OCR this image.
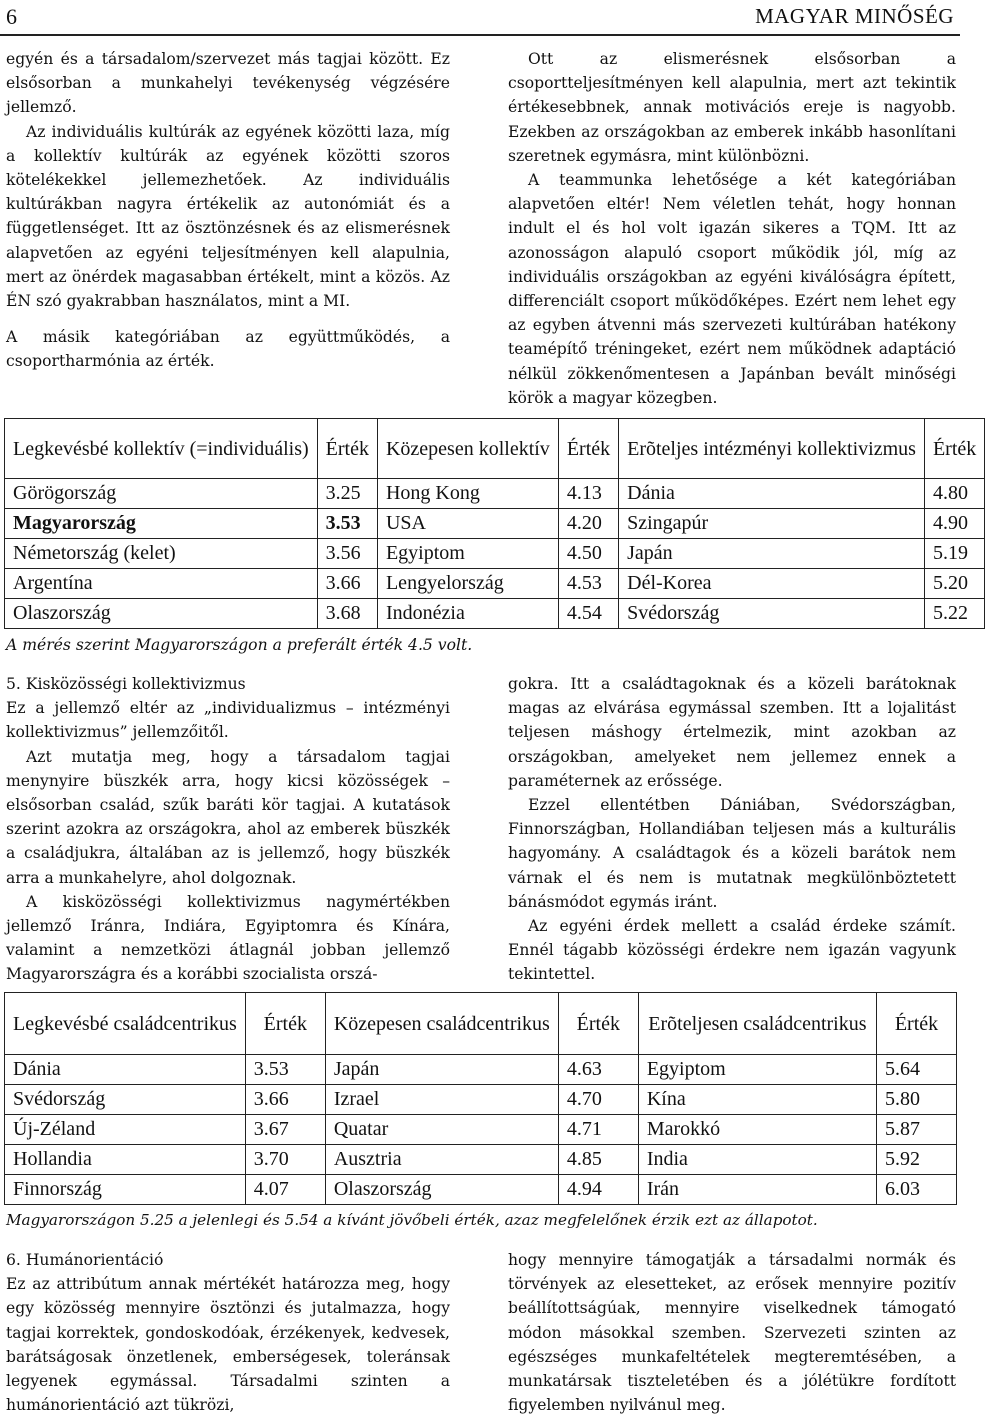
6	MAGYAR MINŐSÉG

egyén és a társadalom/szervezet más tagjai között. Ez elsősorban a munkahelyi tevékenység végzésére jellemző.

Az individuális kultúrák az egyének közötti laza, míg a kollektív kultúrák az egyének közötti szoros kötelékekkel jellemezhetőek. Az individuális kultúrákban nagyra értékelik az autonómiát és a függetlenséget. Itt az ösztönzésnek és az elismerésnek alapvetően az egyéni teljesítményen kell alapulnia, mert az önérdek magasabban értékelt, mint a közös. Az ÉN szó gyakrabban használatos, mint a MI.

A másik kategóriában az együttműködés, a csoportharmónia az érték.

Ott az elismerésnek elsősorban a csoportteljesítményen kell alapulnia, mert azt tekintik értékesebbnek, annak motivációs ereje is nagyobb. Ezekben az országokban az emberek inkább hasonlítani szeretnek egymásra, mint különbözni.

A teammunka lehetősége a két kategóriában alapvetően eltér! Nem véletlen tehát, hogy honnan indult el és hol volt igazán sikeres a TQM. Itt az azonosságon alapuló csoport működik jól, míg az individuális országokban az egyéni kiválóságra épített, differenciált csoport működőképes. Ezért nem lehet egy az egyben átvenni más szervezeti kultúrában hatékony teamépítő tréningeket, ezért nem működnek adaptáció nélkül zökkenőmentesen a Japánban bevált minőségi körök a magyar közegben.

Legkevésbé kollektív (=individuális)	Érték	Közepesen kollektív	Érték	Erõteljes intézményi kollektivizmus	Érték
Görögország	3.25	Hong Kong	4.13	Dánia	4.80
Magyarország	3.53	USA	4.20	Szingapúr	4.90
Németország (kelet)	3.56	Egyiptom	4.50	Japán	5.19
Argentína	3.66	Lengyelország	4.53	Dél-Korea	5.20
Olaszország	3.68	Indonézia	4.54	Svédország	5.22
A mérés szerint Magyarországon a preferált érték 4.5 volt.

5. Kisközösségi kollektivizmus

Ez a jellemző eltér az „individualizmus – intézményi kollektivizmus” jellemzőitől.

Azt mutatja meg, hogy a társadalom tagjai menynyire büszkék arra, hogy kicsi közösségek – elsősorban család, szűk baráti kör tagjai. A kutatások szerint azokra az országokra, ahol az emberek büszkék a családjukra, általában az is jellemző, hogy büszkék arra a munkahelyre, ahol dolgoznak.

A kisközösségi kollektivizmus nagymértékben jellemző Iránra, Indiára, Egyiptomra és Kínára, valamint a nemzetközi átlagnál jobban jellemző Magyarországra és a korábbi szocialista orszá-

gokra. Itt a családtagoknak és a közeli barátoknak magas az elvárása egymással szemben. Itt a lojalitást teljesen máshogy értelmezik, mint azokban az országokban, amelyeket nem jellemez ennek a paraméternek az erőssége.

Ezzel ellentétben Dániában, Svédországban, Finnországban, Hollandiában teljesen más a kulturális hagyomány. A családtagok és a közeli barátok nem várnak el és nem is mutatnak megkülönböztetett bánásmódot egymás iránt.

Az egyéni érdek mellett a család érdeke számít. Ennél tágabb közösségi érdekre nem igazán vagyunk tekintettel.

Legkevésbé családcentrikus	Érték	Közepesen családcentrikus	Érték	Erõteljesen családcentrikus	Érték
Dánia	3.53	Japán	4.63	Egyiptom	5.64
Svédország	3.66	Izrael	4.70	Kína	5.80
Új-Zéland	3.67	Quatar	4.71	Marokkó	5.87
Hollandia	3.70	Ausztria	4.85	India	5.92
Finnország	4.07	Olaszország	4.94	Irán	6.03
Magyarországon 5.25 a jelenlegi és 5.54 a kívánt jövőbeli érték, azaz megfelelőnek érzik ezt az állapotot.

6. Humánorientáció

Ez az attribútum annak mértékét határozza meg, hogy egy közösség mennyire ösztönzi és jutalmazza, hogy tagjai korrektek, gondoskodóak, érzékenyek, kedvesek, barátságosak önzetlenek, emberségesek, toleránsak legyenek egymással. Társadalmi szinten a humánorientáció azt tükrözi,

hogy mennyire támogatják a társadalmi normák és törvények az elesetteket, az erősek mennyire pozitív beállítottságúak, mennyire viselkednek támogató módon másokkal szemben. Szervezeti szinten az egészséges munkafeltételek megteremtésében, a munkatársak tiszteletében és a jólétükre fordított figyelemben nyilvánul meg.
